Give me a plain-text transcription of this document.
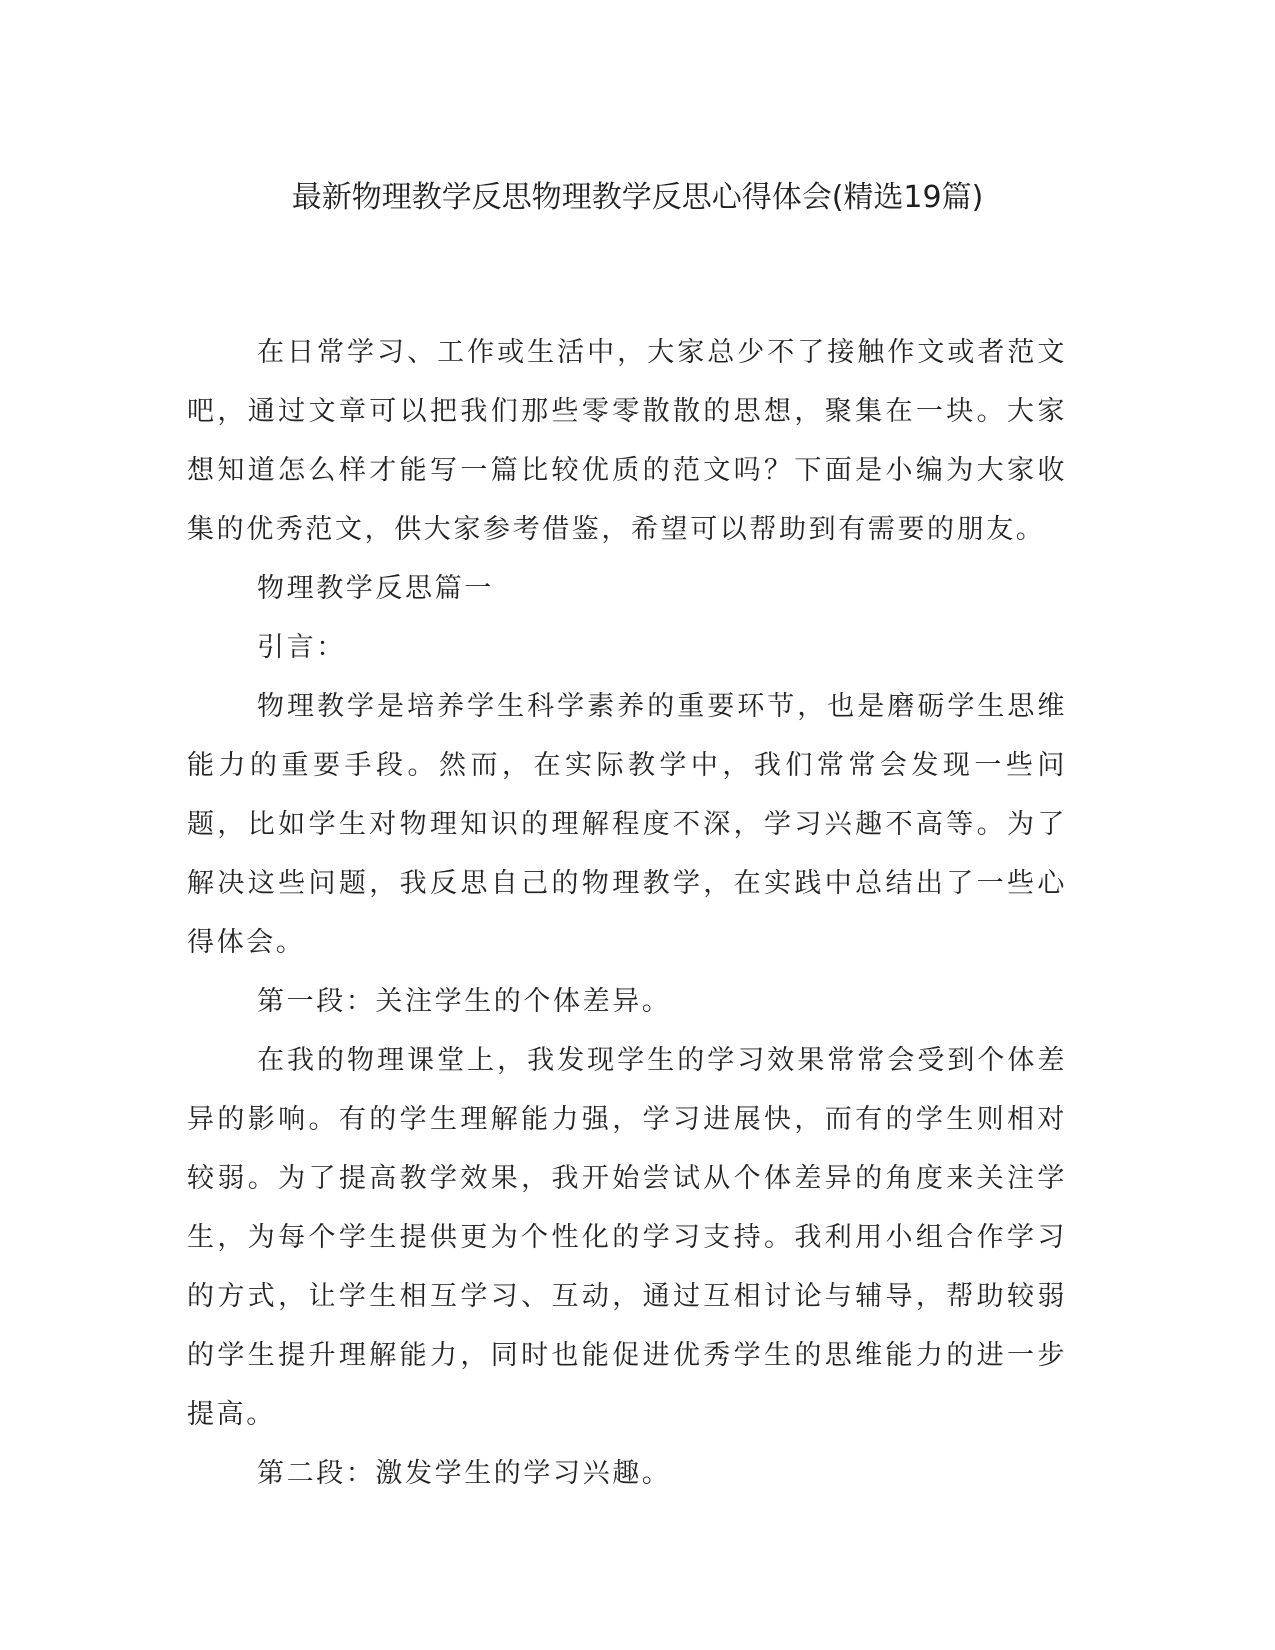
最新物理教学反思物理教学反思心得体会(精选19篇)

在日常学习、工作或生活中，大家总少不了接触作文或者范文吧，通过文章可以把我们那些零零散散的思想，聚集在一块。大家想知道怎么样才能写一篇比较优质的范文吗？下面是小编为大家收集的优秀范文，供大家参考借鉴，希望可以帮助到有需要的朋友。

物理教学反思篇一

引言：

物理教学是培养学生科学素养的重要环节，也是磨砺学生思维能力的重要手段。然而，在实际教学中，我们常常会发现一些问题，比如学生对物理知识的理解程度不深，学习兴趣不高等。为了解决这些问题，我反思自己的物理教学，在实践中总结出了一些心得体会。

第一段：关注学生的个体差异。

在我的物理课堂上，我发现学生的学习效果常常会受到个体差异的影响。有的学生理解能力强，学习进展快，而有的学生则相对较弱。为了提高教学效果，我开始尝试从个体差异的角度来关注学生，为每个学生提供更为个性化的学习支持。我利用小组合作学习的方式，让学生相互学习、互动，通过互相讨论与辅导，帮助较弱的学生提升理解能力，同时也能促进优秀学生的思维能力的进一步提高。

第二段：激发学生的学习兴趣。
